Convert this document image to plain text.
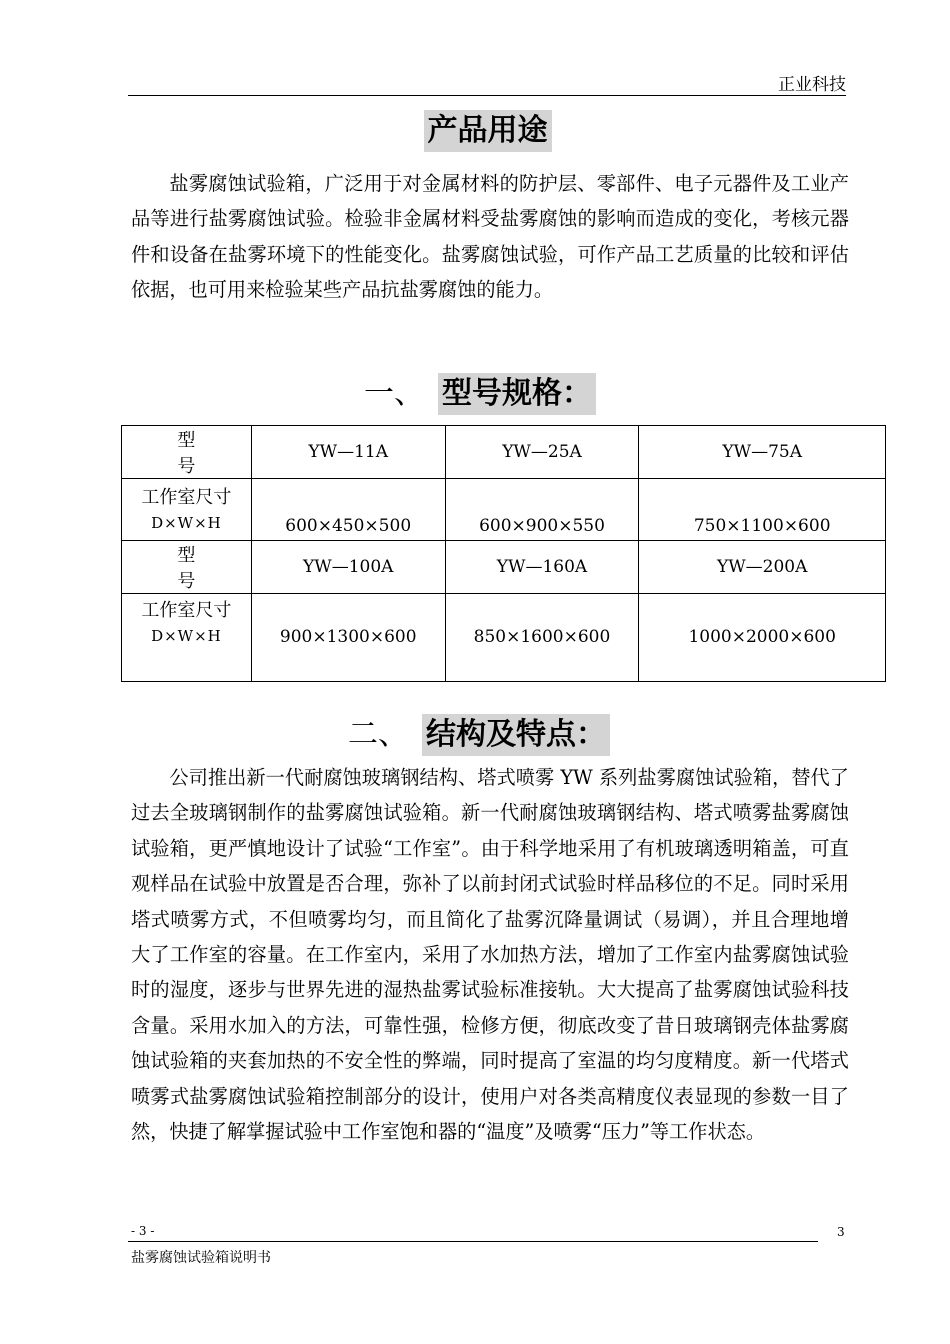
正业科技
产品用途

盐雾腐蚀试验箱，广泛用于对金属材料的防护层、零部件、电子元器件及工业产品等进行盐雾腐蚀试验。检验非金属材料受盐雾腐蚀的影响而造成的变化，考核元器件和设备在盐雾环境下的性能变化。盐雾腐蚀试验，可作产品工艺质量的比较和评估依据，也可用来检验某些产品抗盐雾腐蚀的能力。

一、 型号规格：
型号	YW—11A	YW—25A	YW—75A

工作室尺寸
D×W×H	600×450×500	600×900×550	750×1100×600
型号	YW—100A	YW—160A	YW—200A

工作室尺寸
D×W×H	900×1300×600	850×1600×600	1000×2000×600
二、 结构及特点：

公司推出新一代耐腐蚀玻璃钢结构、塔式喷雾 YW 系列盐雾腐蚀试验箱，替代了过去全玻璃钢制作的盐雾腐蚀试验箱。新一代耐腐蚀玻璃钢结构、塔式喷雾盐雾腐蚀试验箱，更严慎地设计了试验“工作室”。由于科学地采用了有机玻璃透明箱盖，可直观样品在试验中放置是否合理，弥补了以前封闭式试验时样品移位的不足。同时采用塔式喷雾方式，不但喷雾均匀，而且简化了盐雾沉降量调试（易调），并且合理地增大了工作室的容量。在工作室内，采用了水加热方法，增加了工作室内盐雾腐蚀试验时的湿度，逐步与世界先进的湿热盐雾试验标准接轨。大大提高了盐雾腐蚀试验科技含量。采用水加入的方法，可靠性强，检修方便，彻底改变了昔日玻璃钢壳体盐雾腐蚀试验箱的夹套加热的不安全性的弊端，同时提高了室温的均匀度精度。新一代塔式喷雾式盐雾腐蚀试验箱控制部分的设计，使用户对各类高精度仪表显现的参数一目了然，快捷了解掌握试验中工作室饱和器的“温度”及喷雾“压力”等工作状态。

- 3 -	3
盐雾腐蚀试验箱说明书
